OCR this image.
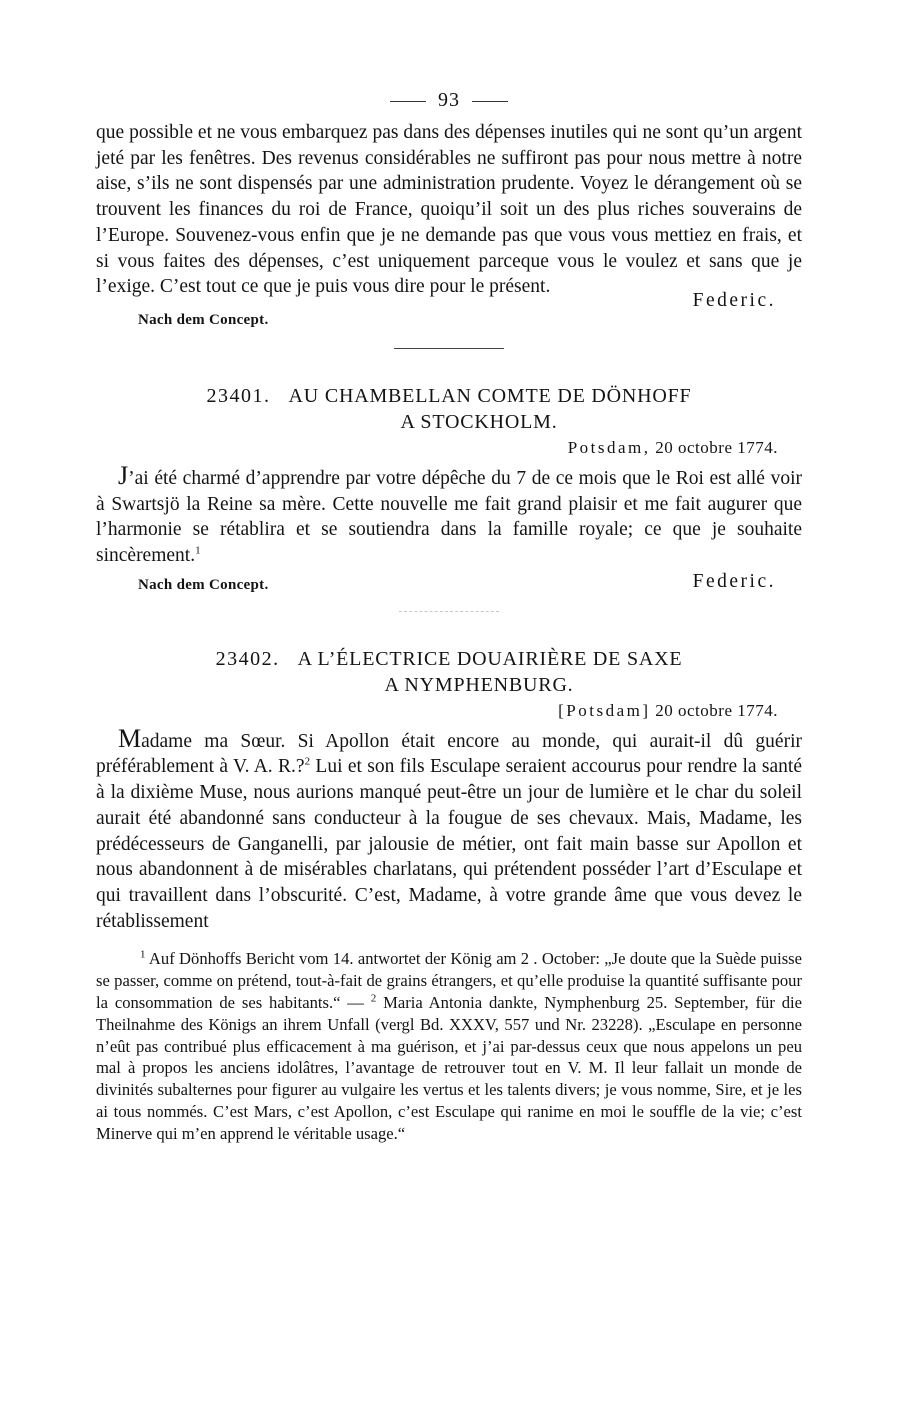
93

que possible et ne vous embarquez pas dans des dépenses inutiles qui ne sont qu’un argent jeté par les fenêtres. Des revenus considérables ne suffiront pas pour nous mettre à notre aise, s’ils ne sont dispensés par une administration prudente. Voyez le dérangement où se trouvent les finances du roi de France, quoiqu’il soit un des plus riches souverains de l’Europe. Souvenez-vous enfin que je ne demande pas que vous vous mettiez en frais, et si vous faites des dépenses, c’est uniquement parceque vous le voulez et sans que je l’exige. C’est tout ce que je puis vous dire pour le présent.

Federic.
Nach dem Concept.

23401. AU CHAMBELLAN COMTE DE DÖNHOFF

A STOCKHOLM.

Potsdam, 20 octobre 1774.

J’ai été charmé d’apprendre par votre dépêche du 7 de ce mois que le Roi est allé voir à Swartsjö la Reine sa mère. Cette nouvelle me fait grand plaisir et me fait augurer que l’harmonie se rétablira et se soutiendra dans la famille royale; ce que je souhaite sincèrement.$^1$

Nach dem Concept.	Federic.

23402. A L’ÉLECTRICE DOUAIRIÈRE DE SAXE

A NYMPHENBURG.

[Potsdam] 20 octobre 1774.

Madame ma Sœur. Si Apollon était encore au monde, qui aurait-il dû guérir préférablement à V. A. R.?$^2$ Lui et son fils Esculape seraient accourus pour rendre la santé à la dixième Muse, nous aurions manqué peut-être un jour de lumière et le char du soleil aurait été abandonné sans conducteur à la fougue de ses chevaux. Mais, Madame, les prédécesseurs de Ganganelli, par jalousie de métier, ont fait main basse sur Apollon et nous abandonnent à de misérables charlatans, qui prétendent posséder l’art d’Esculape et qui travaillent dans l’obscurité. C’est, Madame, à votre grande âme que vous devez le rétablissement

$^1$ Auf Dönhoffs Bericht vom 14. antwortet der König am 2 . October: „Je doute que la Suède puisse se passer, comme on prétend, tout-à-fait de grains étrangers, et qu’elle produise la quantité suffisante pour la consommation de ses habitants.“ — $^2$ Maria Antonia dankte, Nymphenburg 25. September, für die Theilnahme des Königs an ihrem Unfall (vergl Bd. XXXV, 557 und Nr. 23228). „Esculape en personne n’eût pas contribué plus efficacement à ma guérison, et j’ai par-dessus ceux que nous appelons un peu mal à propos les anciens idolâtres, l’avantage de retrouver tout en V. M. Il leur fallait un monde de divinités subalternes pour figurer au vulgaire les vertus et les talents divers; je vous nomme, Sire, et je les ai tous nommés. C’est Mars, c’est Apollon, c’est Esculape qui ranime en moi le souffle de la vie; c’est Minerve qui m’en apprend le véritable usage.“
